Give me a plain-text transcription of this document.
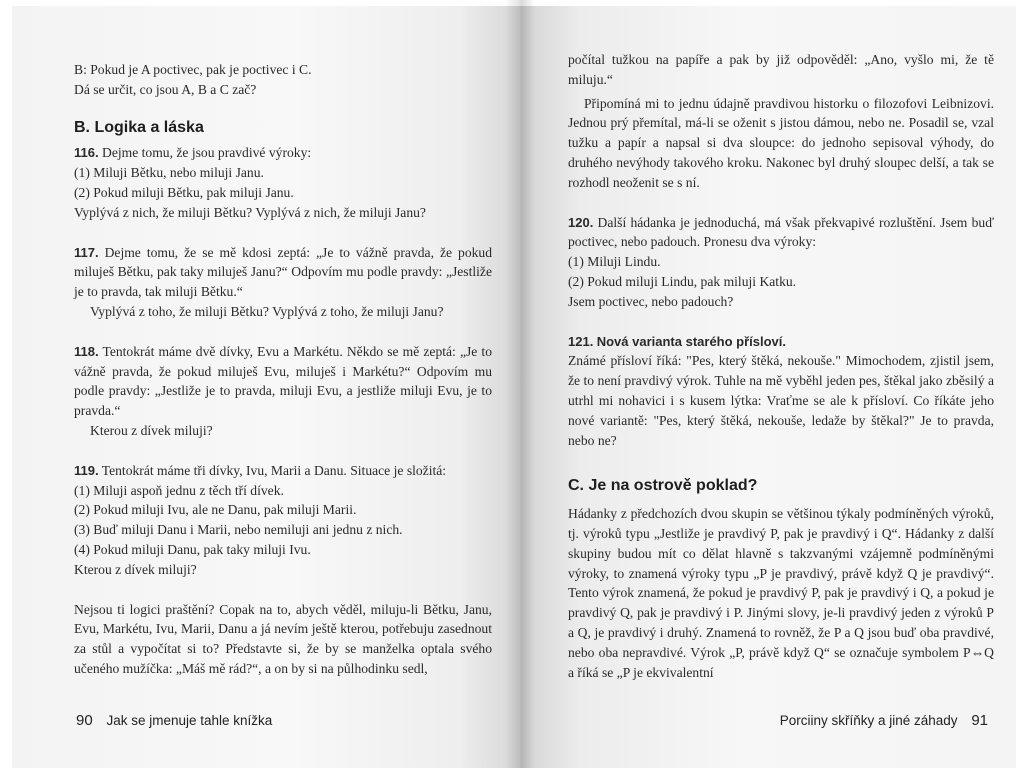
B: Pokud je A poctivec, pak je poctivec i C.

Dá se určit, co jsou A, B a C zač?

B. Logika a láska

116. Dejme tomu, že jsou pravdivé výroky:

(1) Miluji Bětku, nebo miluji Janu.

(2) Pokud miluji Bětku, pak miluji Janu.

Vyplývá z nich, že miluji Bětku? Vyplývá z nich, že miluji Janu?

117. Dejme tomu, že se mě kdosi zeptá: „Je to vážně pravda, že pokud miluješ Bětku, pak taky miluješ Janu?“ Odpovím mu podle pravdy: „Jestliže je to pravda, tak miluji Bětku.“

Vyplývá z toho, že miluji Bětku? Vyplývá z toho, že miluji Janu?

118. Tentokrát máme dvě dívky, Evu a Markétu. Někdo se mě zeptá: „Je to vážně pravda, že pokud miluješ Evu, miluješ i Markétu?“ Odpovím mu podle pravdy: „Jestliže je to pravda, miluji Evu, a jestliže miluji Evu, je to pravda.“

Kterou z dívek miluji?

119. Tentokrát máme tři dívky, Ivu, Marii a Danu. Situace je složitá:

(1) Miluji aspoň jednu z těch tří dívek.

(2) Pokud miluji Ivu, ale ne Danu, pak miluji Marii.

(3) Buď miluji Danu i Marii, nebo nemiluji ani jednu z nich.

(4) Pokud miluji Danu, pak taky miluji Ivu.

Kterou z dívek miluji?

Nejsou ti logici praštění? Copak na to, abych věděl, miluju-li Bětku, Janu, Evu, Markétu, Ivu, Marii, Danu a já nevím ještě kterou, potřebuju zasednout za stůl a vypočítat si to? Představte si, že by se manželka optala svého učeného mužíčka: „Máš mě rád?“, a on by si na půlhodinku sedl,

90 Jak se jmenuje tahle knížka

počítal tužkou na papíře a pak by již odpověděl: „Ano, vyšlo mi, že tě miluju.“

Připomíná mi to jednu údajně pravdivou historku o filozofovi Leibnizovi. Jednou prý přemítal, má-li se oženit s jistou dámou, nebo ne. Posadil se, vzal tužku a papír a napsal si dva sloupce: do jednoho sepisoval výhody, do druhého nevýhody takového kroku. Nakonec byl druhý sloupec delší, a tak se rozhodl neoženit se s ní.

120. Další hádanka je jednoduchá, má však překvapivé rozluštění. Jsem buď poctivec, nebo padouch. Pronesu dva výroky:

(1) Miluji Lindu.

(2) Pokud miluji Lindu, pak miluji Katku.

Jsem poctivec, nebo padouch?

121. Nová varianta starého přísloví.

Známé přísloví říká: "Pes, který štěká, nekouše." Mimochodem, zjistil jsem, že to není pravdivý výrok. Tuhle na mě vyběhl jeden pes, štěkal jako zběsilý a utrhl mi nohavici i s kusem lýtka: Vraťme se ale k přísloví. Co říkáte jeho nové variantě: "Pes, který štěká, nekouše, ledaže by štěkal?" Je to pravda, nebo ne?

C. Je na ostrově poklad?

Hádanky z předchozích dvou skupin se většinou týkaly podmíněných výroků, tj. výroků typu „Jestliže je pravdivý P, pak je pravdivý i Q“. Hádanky z další skupiny budou mít co dělat hlavně s takzvanými vzájemně podmíněnými výroky, to znamená výroky typu „P je pravdivý, právě když Q je pravdivý“. Tento výrok znamená, že pokud je pravdivý P, pak je pravdivý i Q, a pokud je pravdivý Q, pak je pravdivý i P. Jinými slovy, je-li pravdivý jeden z výroků P a Q, je pravdivý i druhý. Znamená to rovněž, že P a Q jsou buď oba pravdivé, nebo oba nepravdivé. Výrok „P, právě když Q“ se označuje symbolem P⇔Q a říká se „P je ekvivalentní

Porciiny skříňky a jiné záhady 91
